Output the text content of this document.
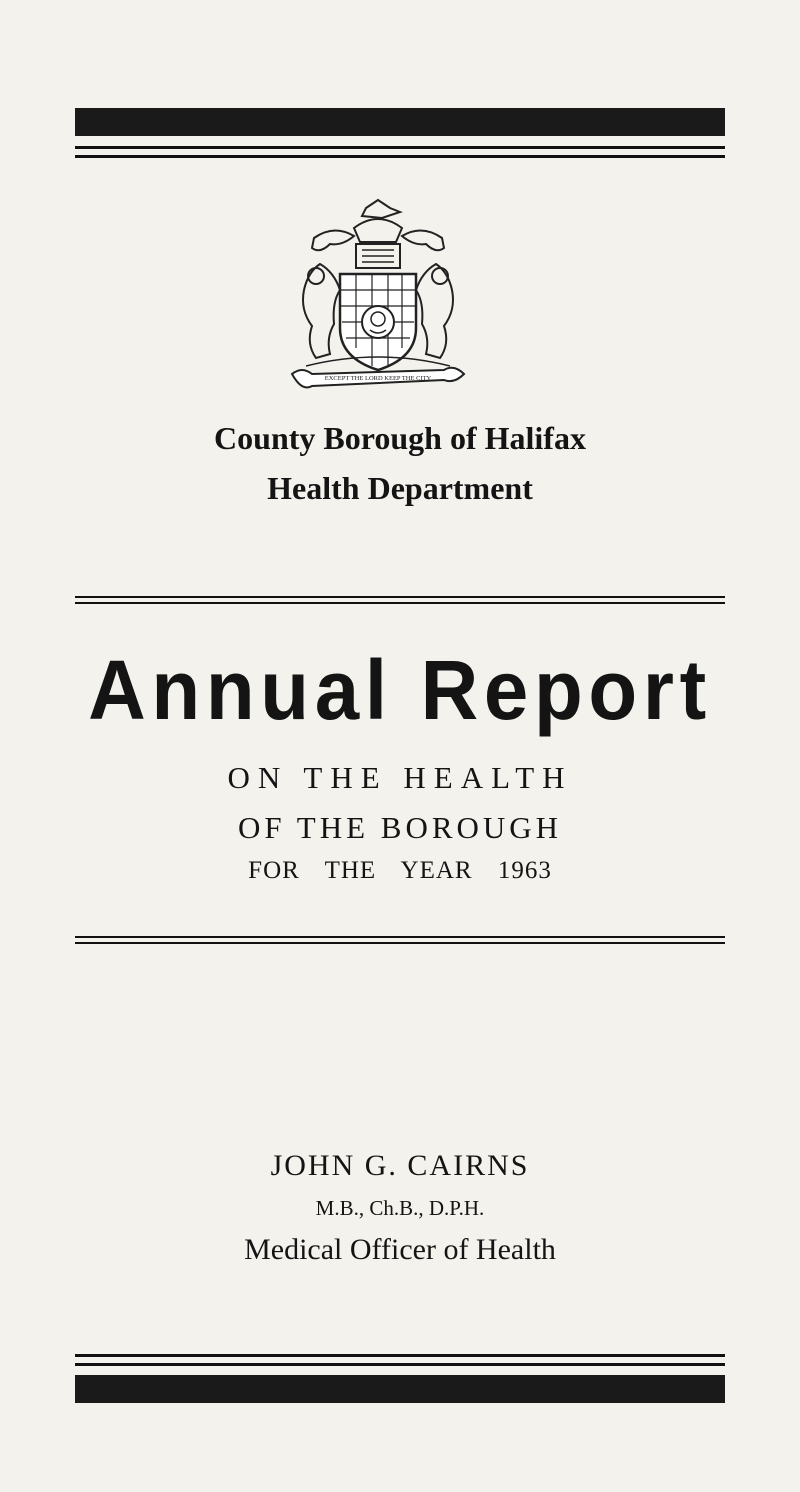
EXCEPT THE LORD KEEP THE CITY
County Borough of Halifax
Health Department
Annual Report

ON THE HEALTH

OF THE BOROUGH

FOR THE YEAR 1963

JOHN G. CAIRNS

M.B., Ch.B., D.P.H.

Medical Officer of Health
